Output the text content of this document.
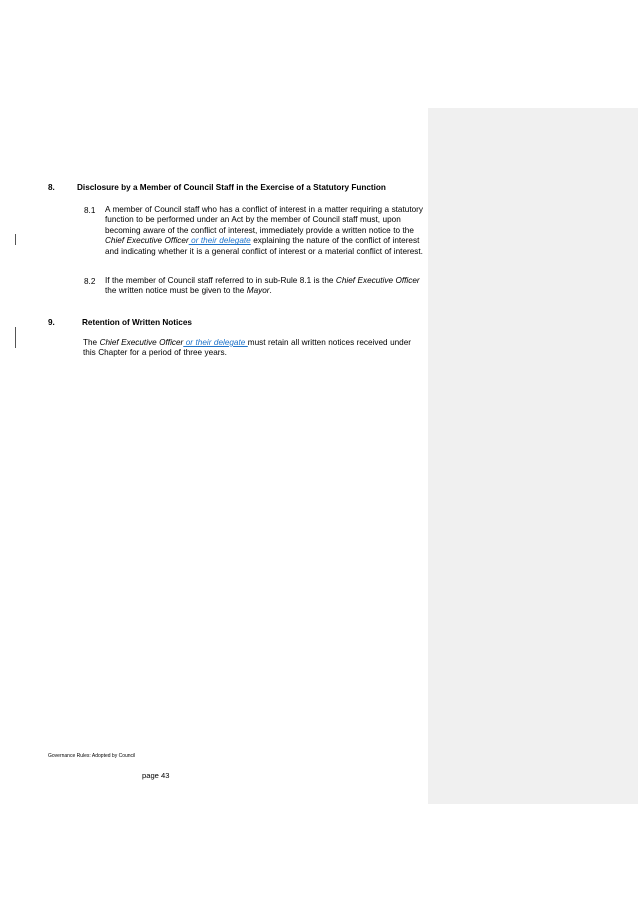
8.	Disclosure by a Member of Council Staff in the Exercise of a Statutory Function
8.1 A member of Council staff who has a conflict of interest in a matter requiring a statutory function to be performed under an Act by the member of Council staff must, upon becoming aware of the conflict of interest, immediately provide a written notice to the Chief Executive Officer or their delegate explaining the nature of the conflict of interest and indicating whether it is a general conflict of interest or a material conflict of interest.
8.2 If the member of Council staff referred to in sub-Rule 8.1 is the Chief Executive Officer the written notice must be given to the Mayor.
9.	Retention of Written Notices
The Chief Executive Officer or their delegate must retain all written notices received under this Chapter for a period of three years.
Governance Rules: Adopted by Council
page 43
